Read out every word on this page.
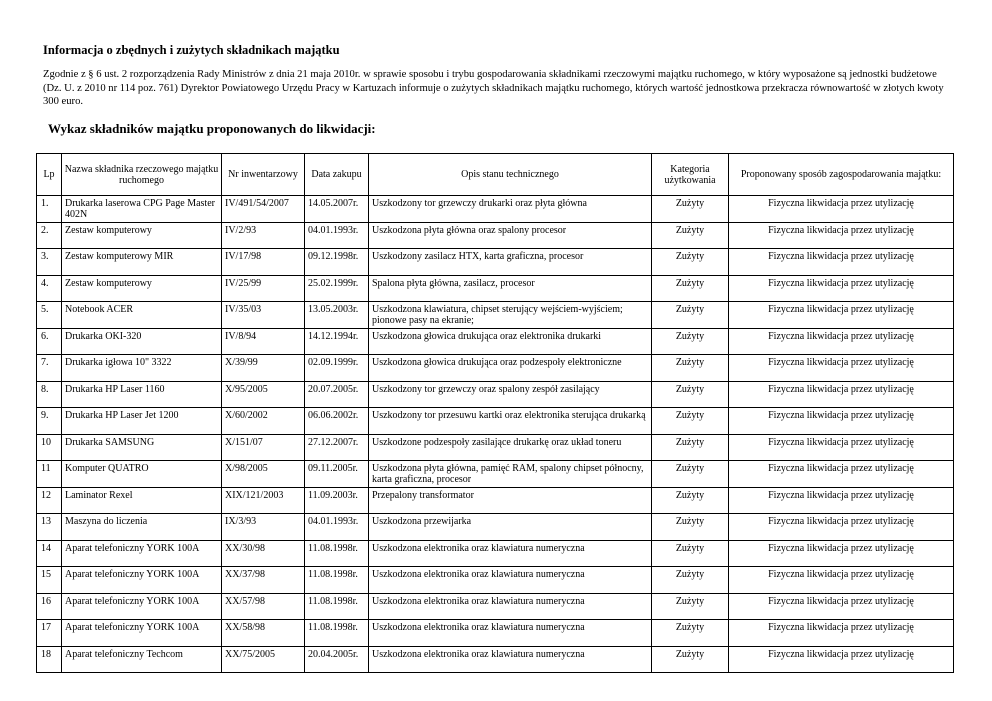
Informacja o zbędnych i zużytych składnikach majątku
Zgodnie z § 6 ust. 2 rozporządzenia Rady Ministrów z dnia 21 maja 2010r. w sprawie sposobu i trybu gospodarowania składnikami rzeczowymi majątku ruchomego, w który wyposażone są jednostki budżetowe (Dz. U. z 2010 nr 114 poz. 761) Dyrektor Powiatowego Urzędu Pracy w Kartuzach informuje o zużytych składnikach majątku ruchomego, których wartość jednostkowa przekracza równowartość w złotych kwoty 300 euro.
Wykaz składników majątku proponowanych do likwidacji:
Lp	Nazwa składnika rzeczowego majątku ruchomego	Nr inwentarzowy	Data zakupu	Opis stanu technicznego	Kategoria użytkowania	Proponowany sposób zagospodarowania majątku:

1.	Drukarka laserowa CPG Page Master 402N	IV/491/54/2007	14.05.2007r.	Uszkodzony tor grzewczy drukarki oraz płyta główna	Zużyty	Fizyczna likwidacja przez utylizację

2.	Zestaw komputerowy	IV/2/93	04.01.1993r.	Uszkodzona płyta główna oraz spalony procesor	Zużyty	Fizyczna likwidacja przez utylizację

3.	Zestaw komputerowy MIR	IV/17/98	09.12.1998r.	Uszkodzony zasilacz HTX, karta graficzna, procesor	Zużyty	Fizyczna likwidacja przez utylizację

4.	Zestaw komputerowy	IV/25/99	25.02.1999r.	Spalona płyta główna, zasilacz, procesor	Zużyty	Fizyczna likwidacja przez utylizację

5.	Notebook ACER	IV/35/03	13.05.2003r.	Uszkodzona klawiatura, chipset sterujący wejściem-wyjściem; pionowe pasy na ekranie;	Zużyty	Fizyczna likwidacja przez utylizację

6.	Drukarka OKI-320	IV/8/94	14.12.1994r.	Uszkodzona głowica drukująca oraz elektronika drukarki	Zużyty	Fizyczna likwidacja przez utylizację

7.	Drukarka igłowa 10" 3322	X/39/99	02.09.1999r.	Uszkodzona głowica drukująca oraz podzespoły elektroniczne	Zużyty	Fizyczna likwidacja przez utylizację

8.	Drukarka HP Laser 1160	X/95/2005	20.07.2005r.	Uszkodzony tor grzewczy oraz spalony zespół zasilający	Zużyty	Fizyczna likwidacja przez utylizację

9.	Drukarka HP Laser Jet 1200	X/60/2002	06.06.2002r.	Uszkodzony tor przesuwu kartki oraz elektronika sterująca drukarką	Zużyty	Fizyczna likwidacja przez utylizację

10	Drukarka SAMSUNG	X/151/07	27.12.2007r.	Uszkodzone podzespoły zasilające drukarkę oraz układ toneru	Zużyty	Fizyczna likwidacja przez utylizację

11	Komputer QUATRO	X/98/2005	09.11.2005r.	Uszkodzona płyta główna, pamięć RAM, spalony chipset północny, karta graficzna, procesor	Zużyty	Fizyczna likwidacja przez utylizację

12	Laminator Rexel	XIX/121/2003	11.09.2003r.	Przepalony transformator	Zużyty	Fizyczna likwidacja przez utylizację

13	Maszyna do liczenia	IX/3/93	04.01.1993r.	Uszkodzona przewijarka	Zużyty	Fizyczna likwidacja przez utylizację

14	Aparat telefoniczny YORK 100A	XX/30/98	11.08.1998r.	Uszkodzona elektronika oraz klawiatura numeryczna	Zużyty	Fizyczna likwidacja przez utylizację

15	Aparat telefoniczny YORK 100A	XX/37/98	11.08.1998r.	Uszkodzona elektronika oraz klawiatura numeryczna	Zużyty	Fizyczna likwidacja przez utylizację

16	Aparat telefoniczny YORK 100A	XX/57/98	11.08.1998r.	Uszkodzona elektronika oraz klawiatura numeryczna	Zużyty	Fizyczna likwidacja przez utylizację

17	Aparat telefoniczny YORK 100A	XX/58/98	11.08.1998r.	Uszkodzona elektronika oraz klawiatura numeryczna	Zużyty	Fizyczna likwidacja przez utylizację

18	Aparat telefoniczny Techcom	XX/75/2005	20.04.2005r.	Uszkodzona elektronika oraz klawiatura numeryczna	Zużyty	Fizyczna likwidacja przez utylizację
